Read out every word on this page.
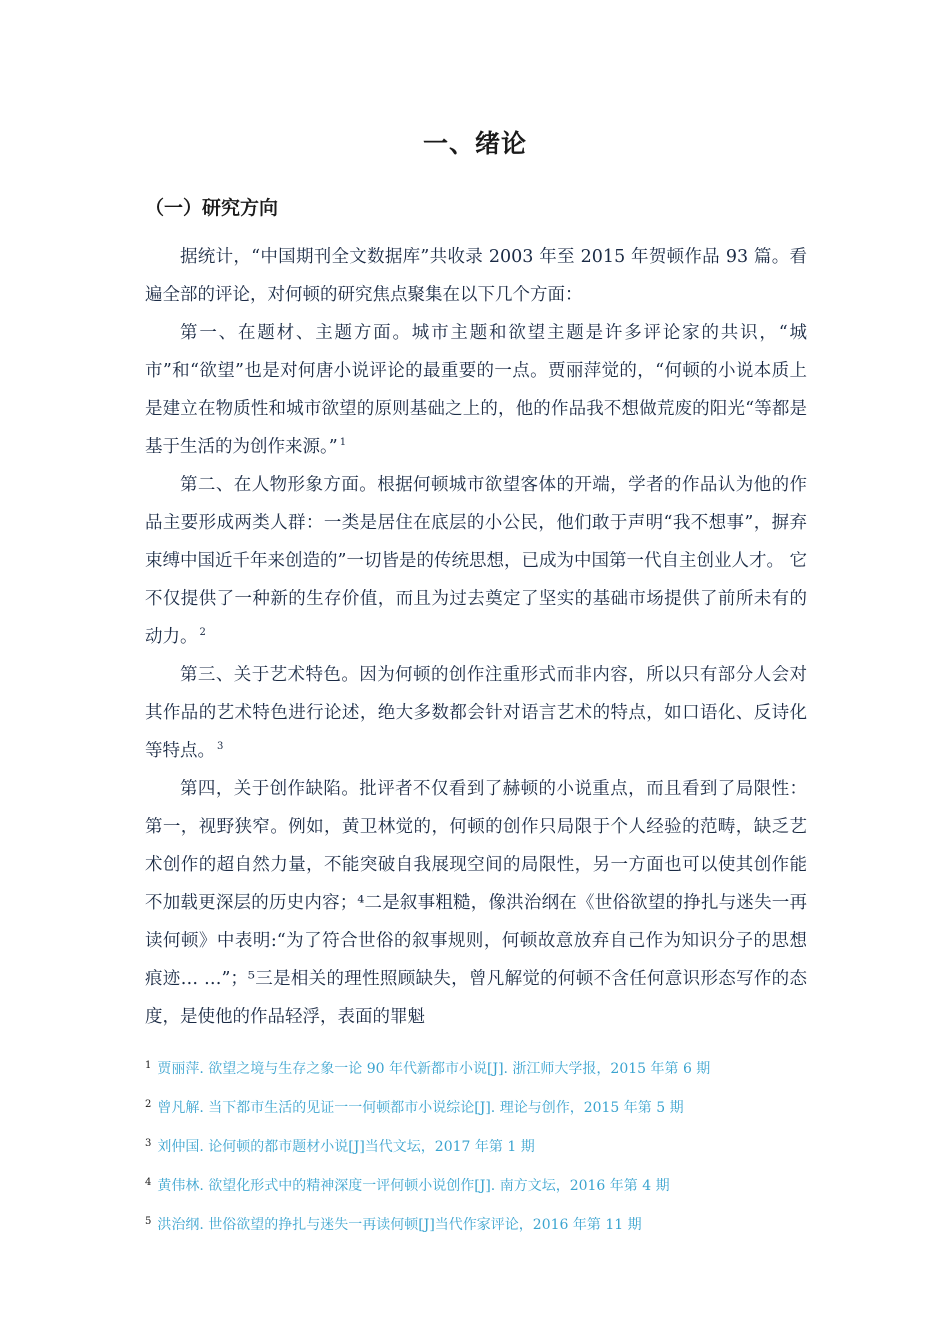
一、绪论
（一）研究方向

据统计，“中国期刊全文数据库”共收录 2003 年至 2015 年贺顿作品 93 篇。看遍全部的评论，对何顿的研究焦点聚集在以下几个方面：

第一、在题材、主题方面。城市主题和欲望主题是许多评论家的共识，“城市”和“欲望”也是对何唐小说评论的最重要的一点。贾丽萍觉的，“何顿的小说本质上是建立在物质性和城市欲望的原则基础之上的，他的作品我不想做荒废的阳光“等都是基于生活的为创作来源。” $^1$

第二、在人物形象方面。根据何顿城市欲望客体的开端，学者的作品认为他的作品主要形成两类人群：一类是居住在底层的小公民，他们敢于声明“我不想事”，摒弃束缚中国近千年来创造的”一切皆是的传统思想，已成为中国第一代自主创业人才。 它不仅提供了一种新的生存价值，而且为过去奠定了坚实的基础市场提供了前所未有的动力。 $^2$

第三、关于艺术特色。因为何顿的创作注重形式而非内容，所以只有部分人会对其作品的艺术特色进行论述，绝大多数都会针对语言艺术的特点，如口语化、反诗化等特点。 $^3$

第四，关于创作缺陷。批评者不仅看到了赫顿的小说重点，而且看到了局限性：第一，视野狭窄。例如，黄卫林觉的，何顿的创作只局限于个人经验的范畴，缺乏艺术创作的超自然力量，不能突破自我展现空间的局限性，另一方面也可以使其创作能不加载更深层的历史内容；⁴二是叙事粗糙，像洪治纲在《世俗欲望的挣扎与迷失一再读何顿》中表明:“为了符合世俗的叙事规则，何顿故意放弃自己作为知识分子的思想痕迹… …”；⁵三是相关的理性照顾缺失，曾凡解觉的何顿不含任何意识形态写作的态度，是使他的作品轻浮，表面的罪魁

$^1$ 贾丽萍. 欲望之境与生存之象一论 90 年代新都市小说[J]. 浙江师大学报，2015 年第 6 期
$^2$ 曾凡解. 当下都市生活的见证一一何顿都市小说综论[J]. 理论与创作，2015 年第 5 期
$^3$ 刘仲国. 论何顿的都市题材小说[J]当代文坛，2017 年第 1 期
$^4$ 黄伟林. 欲望化形式中的精神深度一评何顿小说创作[J]. 南方文坛，2016 年第 4 期
$^5$ 洪治纲. 世俗欲望的挣扎与迷失一再读何顿[J]当代作家评论，2016 年第 11 期
